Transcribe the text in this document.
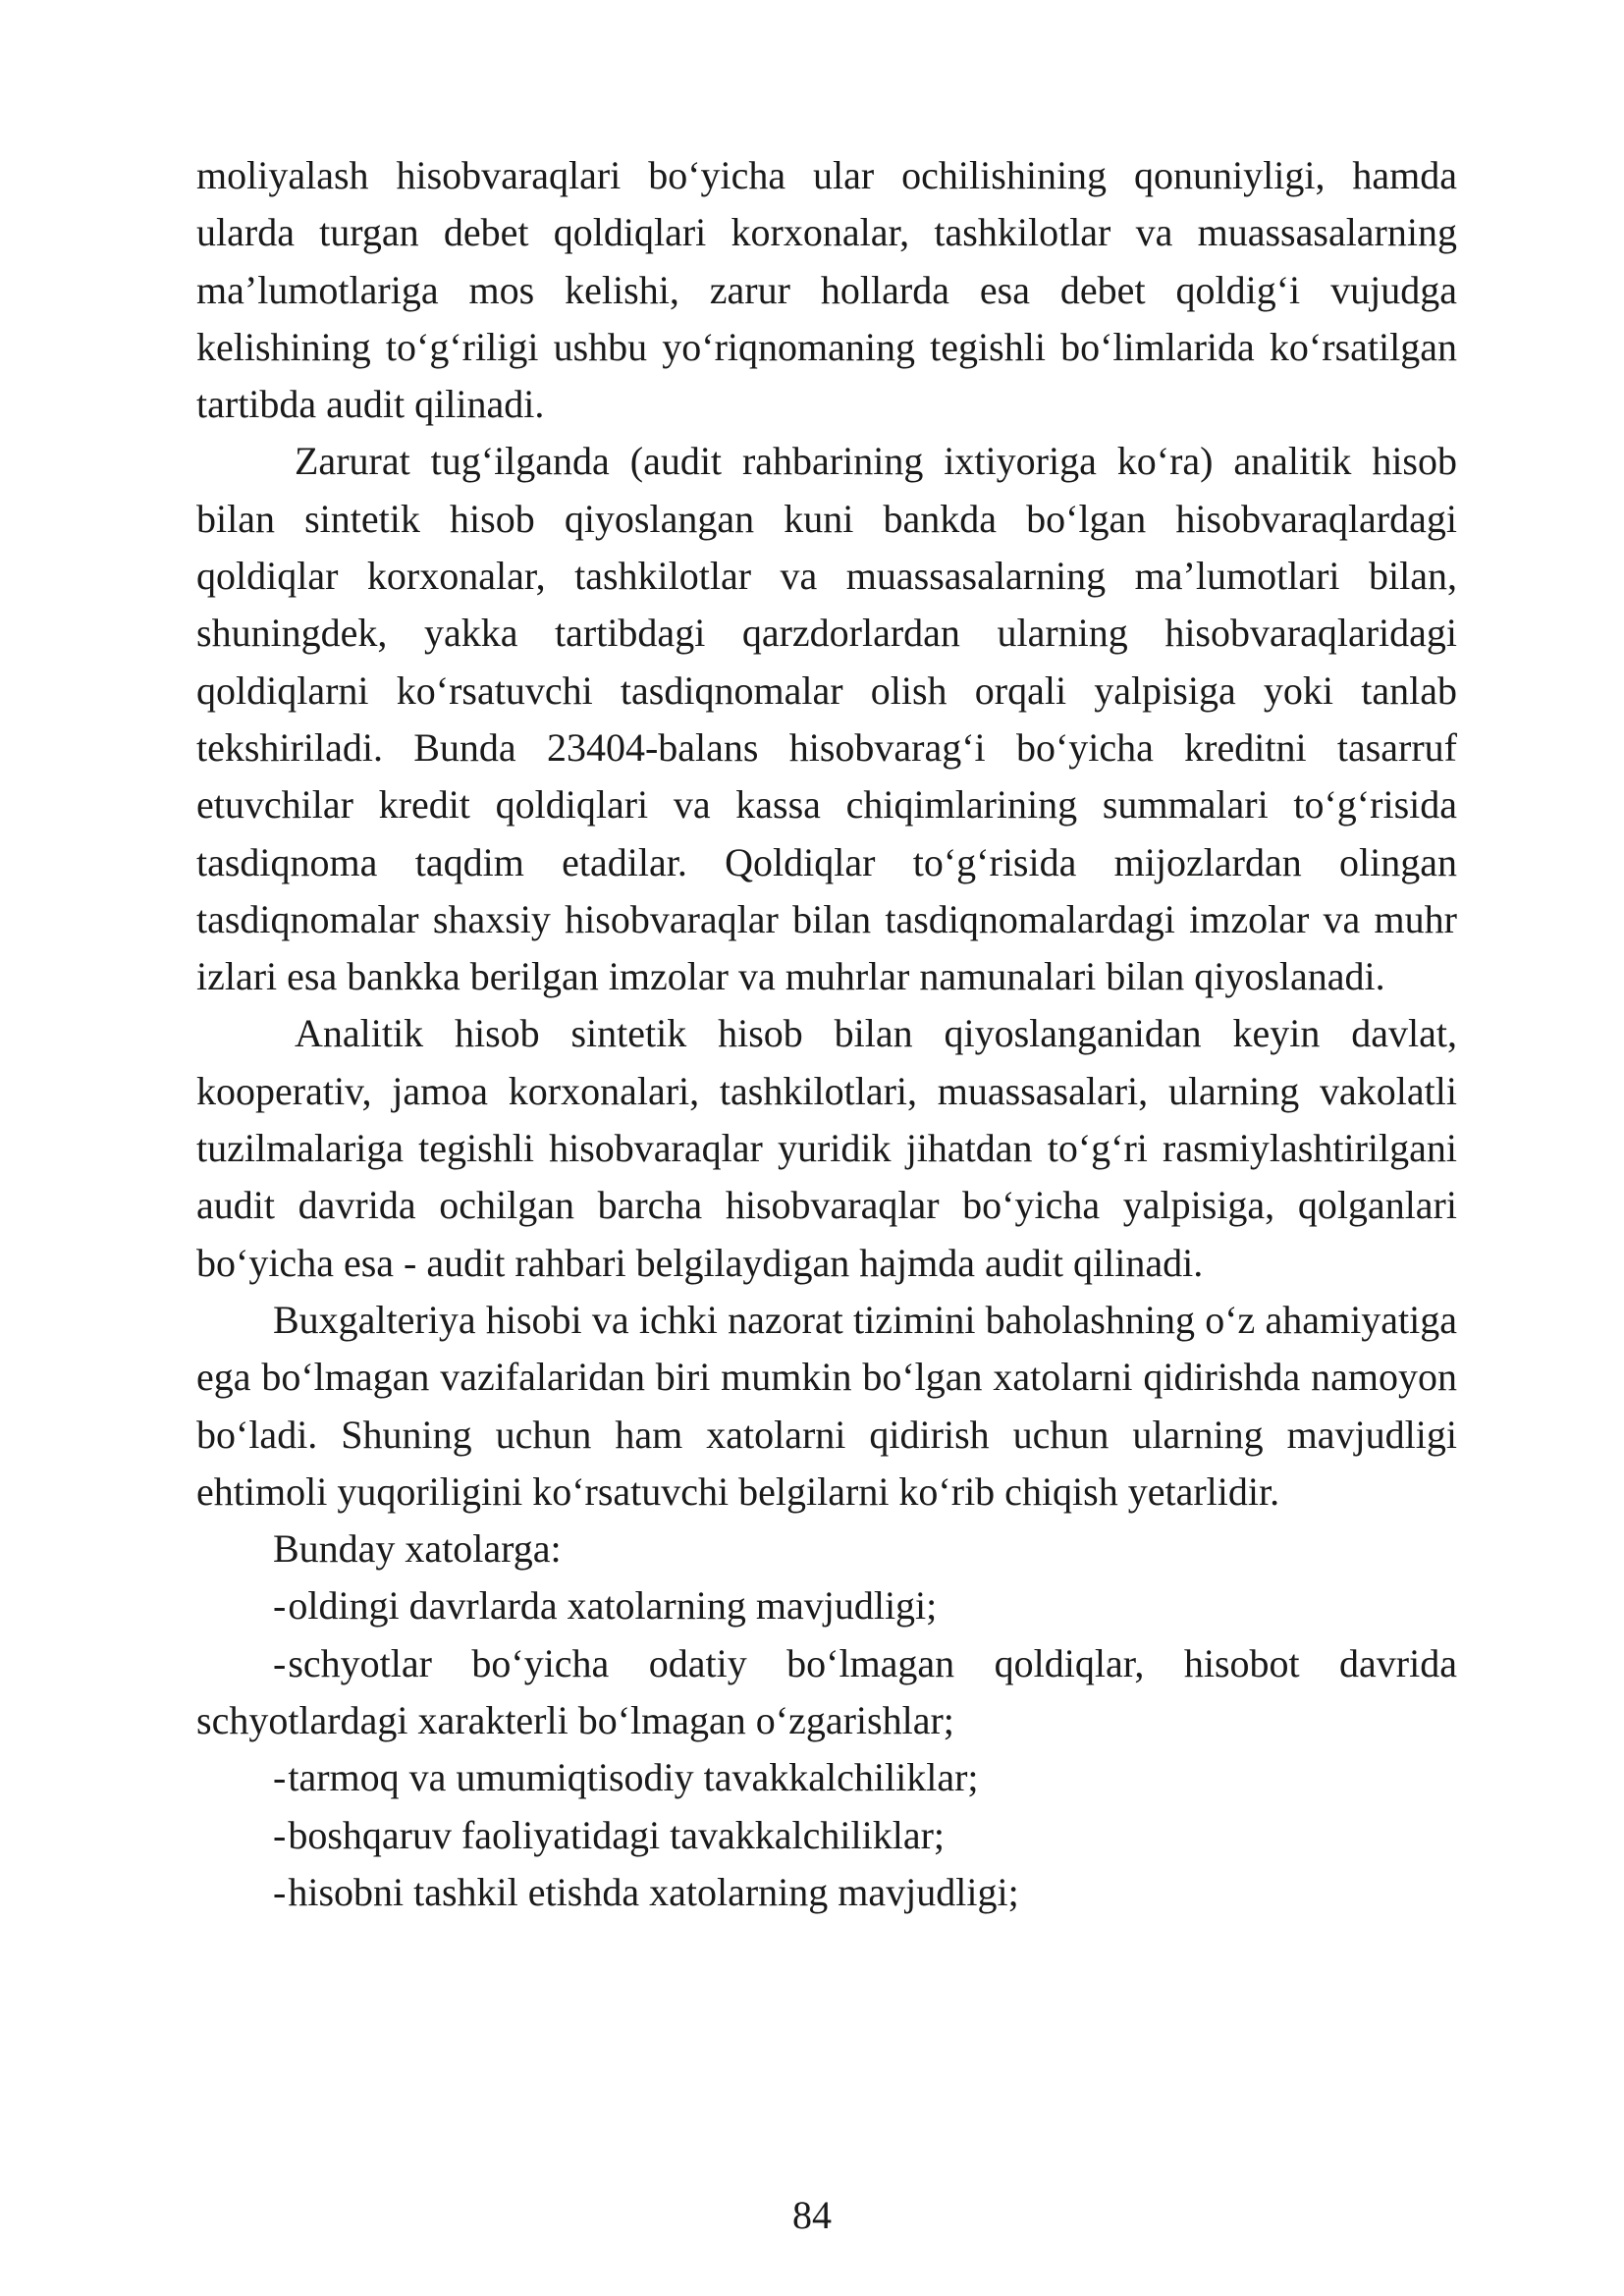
moliyalash hisobvaraqlari bo‘yicha ular ochilishining qonuniyligi, hamda ularda turgan debet qoldiqlari korxonalar, tashkilotlar va muassasalarning ma’lumotlariga mos kelishi, zarur hollarda esa debet qoldig‘i vujudga kelishining to‘g‘riligi ushbu yo‘riqnomaning tegishli bo‘limlarida ko‘rsatilgan tartibda audit qilinadi.

Zarurat tug‘ilganda (audit rahbarining ixtiyoriga ko‘ra) analitik hisob bilan sintetik hisob qiyoslangan kuni bankda bo‘lgan hisobvaraqlardagi qoldiqlar korxonalar, tashkilotlar va muassasalarning ma’lumotlari bilan, shuningdek, yakka tartibdagi qarzdorlardan ularning hisobvaraqlaridagi qoldiqlarni ko‘rsatuvchi tasdiqnomalar olish orqali yalpisiga yoki tanlab tekshiriladi. Bunda 23404-balans hisobvarag‘i bo‘yicha kreditni tasarruf etuvchilar kredit qoldiqlari va kassa chiqimlarining summalari to‘g‘risida tasdiqnoma taqdim etadilar. Qoldiqlar to‘g‘risida mijozlardan olingan tasdiqnomalar shaxsiy hisobvaraqlar bilan tasdiqnomalardagi imzolar va muhr izlari esa bankka berilgan imzolar va muhrlar namunalari bilan qiyoslanadi.

Analitik hisob sintetik hisob bilan qiyoslanganidan keyin davlat, kooperativ, jamoa korxonalari, tashkilotlari, muassasalari, ularning vakolatli tuzilmalariga tegishli hisobvaraqlar yuridik jihatdan to‘g‘ri rasmiylashtirilgani audit davrida ochilgan barcha hisobvaraqlar bo‘yicha yalpisiga, qolganlari bo‘yicha esa - audit rahbari belgilaydigan hajmda audit qilinadi.

Buxgalteriya hisobi va ichki nazorat tizimini baholashning o‘z ahamiyatiga ega bo‘lmagan vazifalaridan biri mumkin bo‘lgan xatolarni qidirishda namoyon bo‘ladi. Shuning uchun ham xatolarni qidirish uchun ularning mavjudligi ehtimoli yuqoriligini ko‘rsatuvchi belgilarni ko‘rib chiqish yetarlidir.

Bunday xatolarga:

-oldingi davrlarda xatolarning mavjudligi;

-schyotlar bo‘yicha odatiy bo‘lmagan qoldiqlar, hisobot davrida schyotlardagi xarakterli bo‘lmagan o‘zgarishlar;

-tarmoq va umumiqtisodiy tavakkalchiliklar;

-boshqaruv faoliyatidagi tavakkalchiliklar;

-hisobni tashkil etishda xatolarning mavjudligi;

84
